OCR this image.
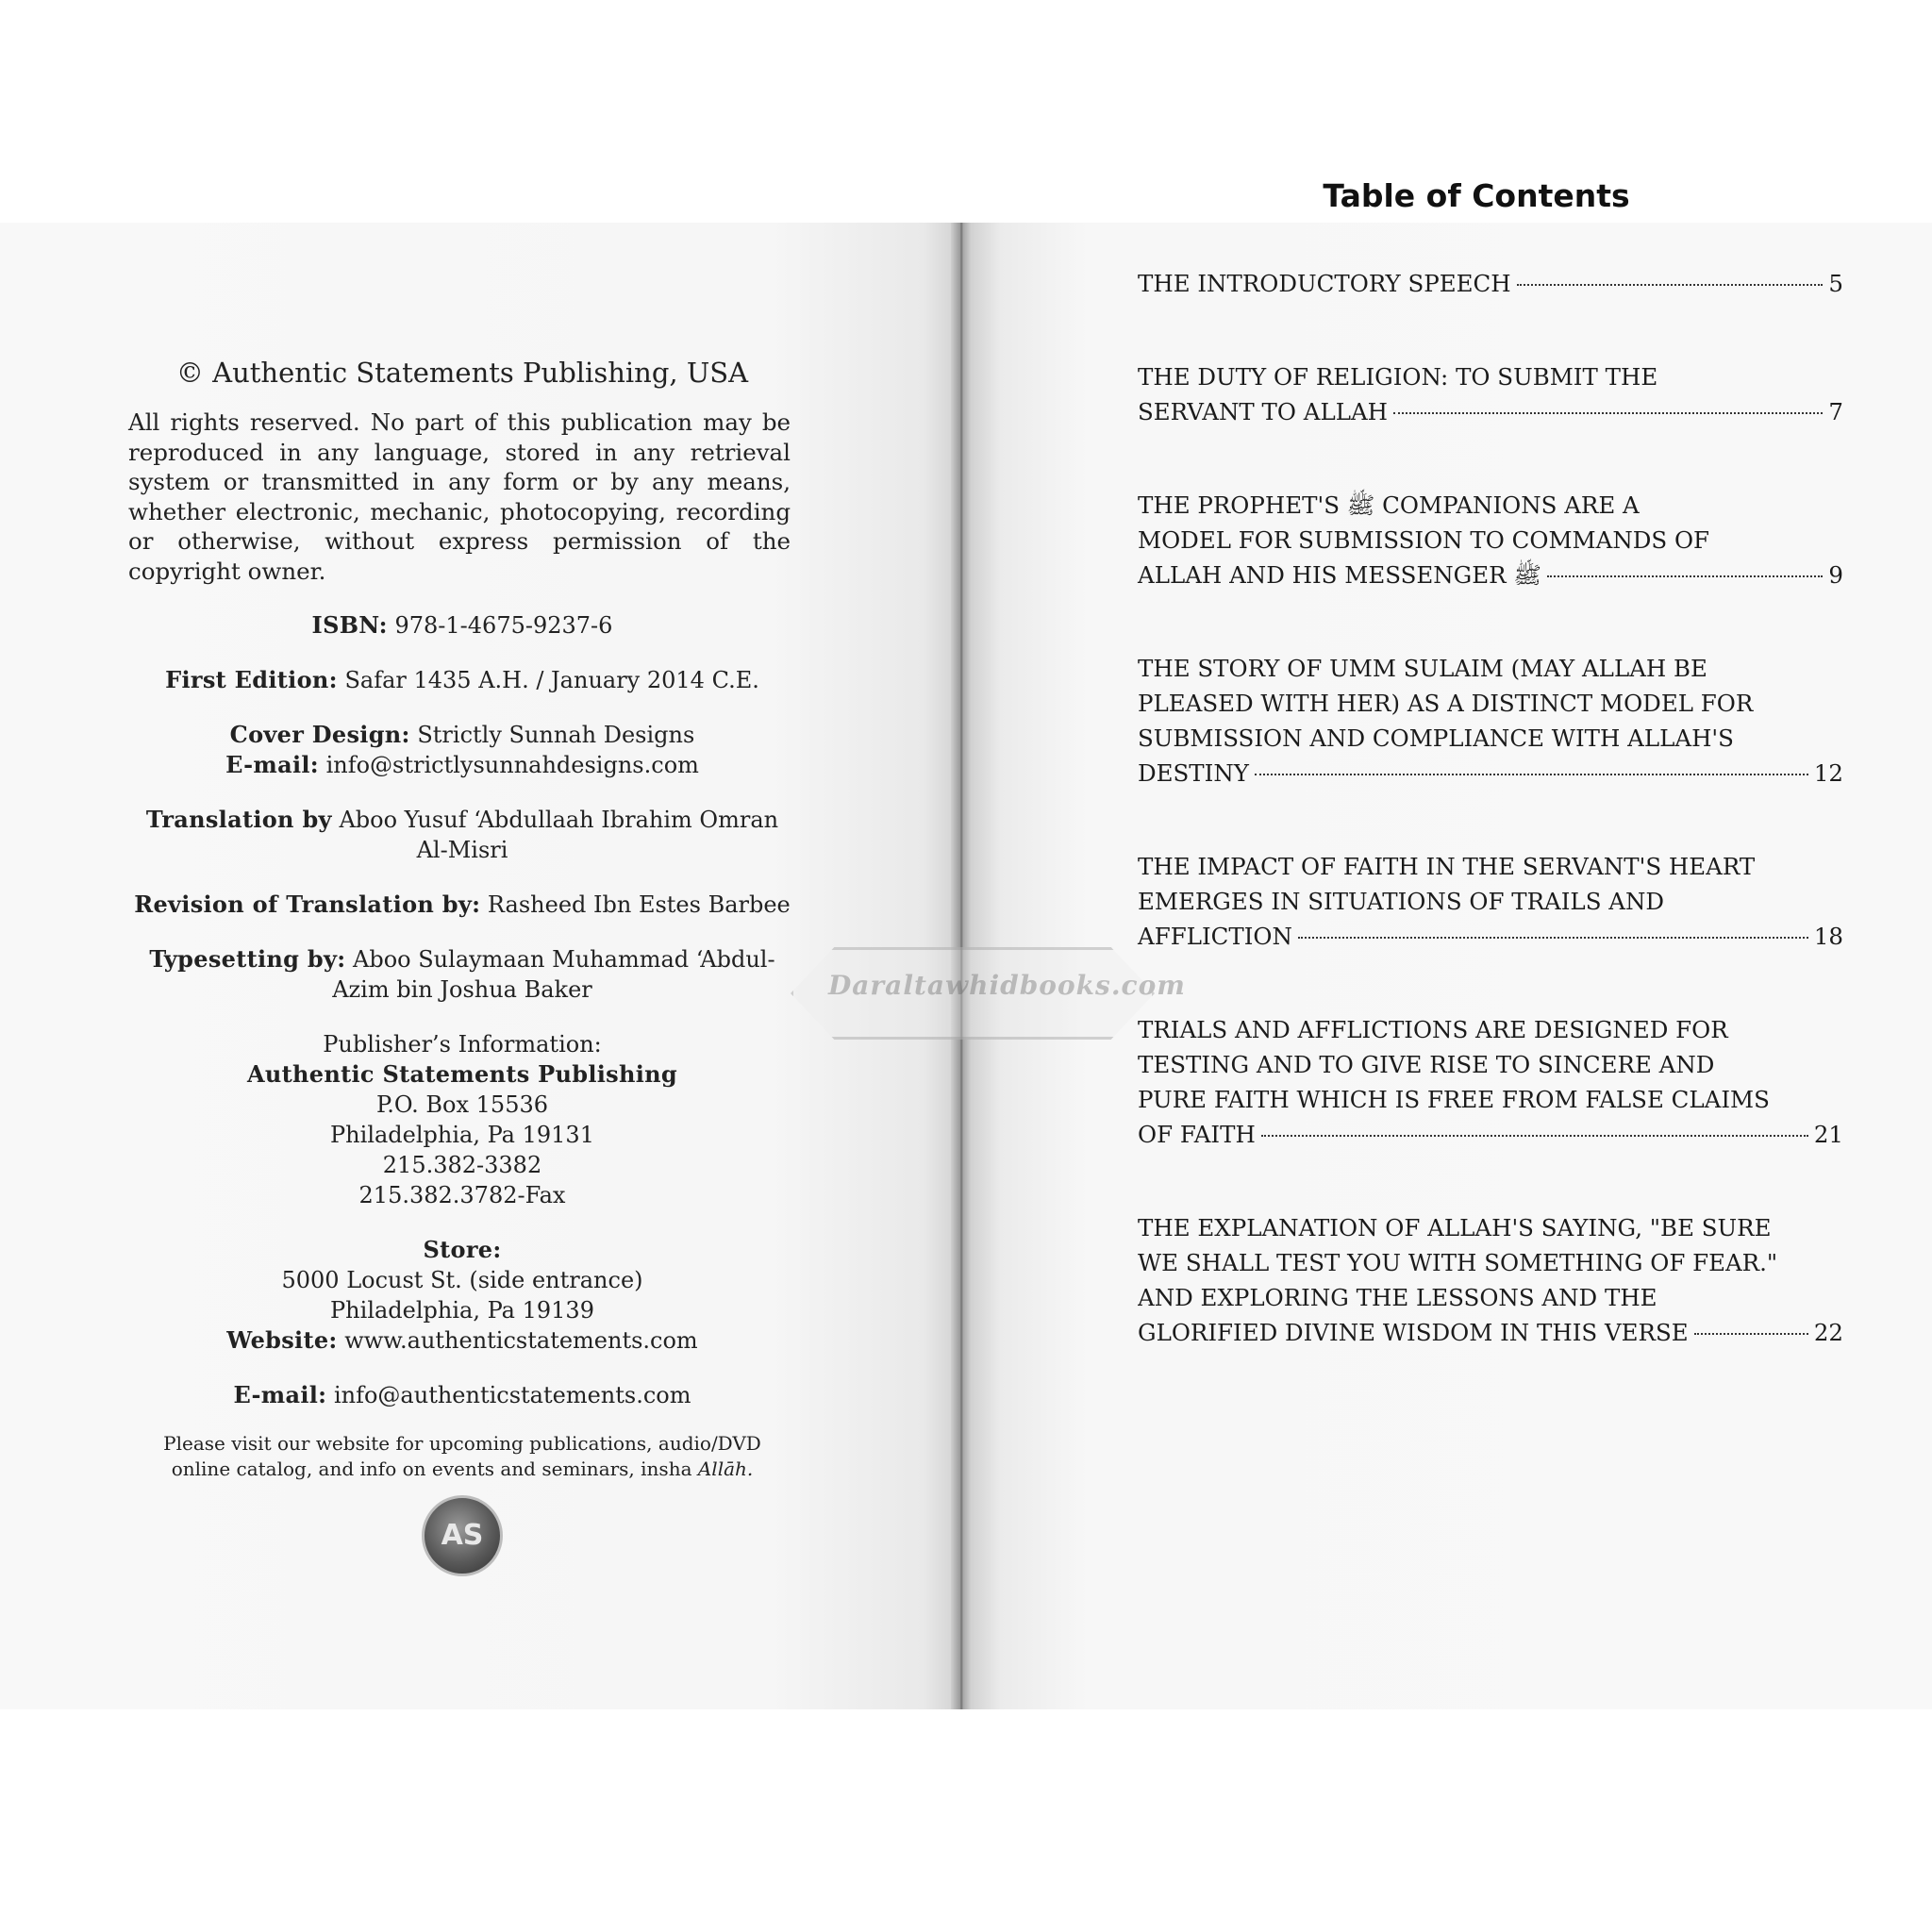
© Authentic Statements Publishing, USA
All rights reserved. No part of this publication may be reproduced in any language, stored in any retrieval system or transmitted in any form or by any means, whether electronic, mechanic, photocopying, recording or otherwise, without express permission of the copyright owner.
ISBN: 978-1-4675-9237-6
First Edition: Safar 1435 A.H. / January 2014 C.E.
Cover Design: Strictly Sunnah Designs
E-mail: info@strictlysunnahdesigns.com
Translation by Aboo Yusuf ‘Abdullaah Ibrahim Omran
Al-Misri
Revision of Translation by: Rasheed Ibn Estes Barbee
Typesetting by: Aboo Sulaymaan Muhammad ‘Abdul-
Azim bin Joshua Baker
Publisher’s Information:
Authentic Statements Publishing
P.O. Box 15536
Philadelphia, Pa 19131
215.382-3382
215.382.3782-Fax
Store:
5000 Locust St. (side entrance)
Philadelphia, Pa 19139
Website: www.authenticstatements.com
E-mail: info@authenticstatements.com
Please visit our website for upcoming publications, audio/DVD
online catalog, and info on events and seminars, insha Allāh.
AS
Table of Contents
THE INTRODUCTORY SPEECH	5
THE DUTY OF RELIGION: TO SUBMIT THE
SERVANT TO ALLAH	7
THE PROPHET'S ﷺ COMPANIONS ARE A
MODEL FOR SUBMISSION TO COMMANDS OF
ALLAH AND HIS MESSENGER ﷺ	9
THE STORY OF UMM SULAIM (MAY ALLAH BE
PLEASED WITH HER) AS A DISTINCT MODEL FOR
SUBMISSION AND COMPLIANCE WITH ALLAH'S
DESTINY	12
THE IMPACT OF FAITH IN THE SERVANT'S HEART
EMERGES IN SITUATIONS OF TRAILS AND
AFFLICTION	18
TRIALS AND AFFLICTIONS ARE DESIGNED FOR
TESTING AND TO GIVE RISE TO SINCERE AND
PURE FAITH WHICH IS FREE FROM FALSE CLAIMS
OF FAITH	21
THE EXPLANATION OF ALLAH'S SAYING, "BE SURE
WE SHALL TEST YOU WITH SOMETHING OF FEAR."
AND EXPLORING THE LESSONS AND THE
GLORIFIED DIVINE WISDOM IN THIS VERSE	22
Daraltawhidbooks.com
